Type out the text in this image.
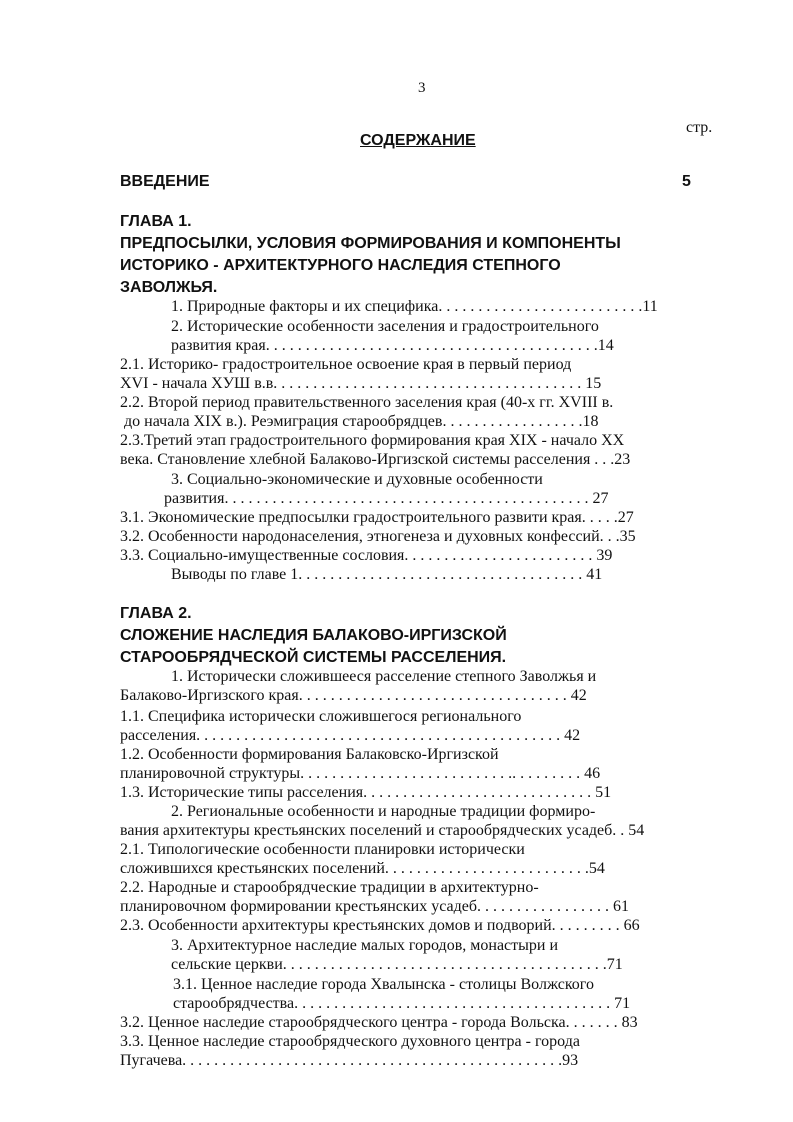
3
стр.
СОДЕРЖАНИЕ
ВВЕДЕНИЕ	5
ГЛАВА 1.
ПРЕДПОСЫЛКИ, УСЛОВИЯ ФОРМИРОВАНИЯ И КОМПОНЕНТЫ
ИСТОРИКО - АРХИТЕКТУРНОГО НАСЛЕДИЯ СТЕПНОГО
ЗАВОЛЖЬЯ.
1. Природные факторы и их специфика. . . . . . . . . . . . . . . . . . . . . . . . . .11
2. Исторические особенности заселения и градостроительного
развития края. . . . . . . . . . . . . . . . . . . . . . . . . . . . . . . . . . . . . . . . . .14
2.1. Историко- градостроительное освоение края в первый период
XVI - начала ХУШ в.в. . . . . . . . . . . . . . . . . . . . . . . . . . . . . . . . . . . . . . . 15
2.2. Второй период правительственного заселения края (40-х гг. XVIII в.
до начала XIX в.). Реэмиграция старообрядцев. . . . . . . . . . . . . . . . . .18
2.3.Третий этап градостроительного формирования края XIX - начало XX
века. Становление хлебной Балаково-Иргизской системы расселения . . .23
3. Социально-экономические и духовные особенности
развития. . . . . . . . . . . . . . . . . . . . . . . . . . . . . . . . . . . . . . . . . . . . . . 27
3.1. Экономические предпосылки градостроительного развити края. . . . .27
3.2. Особенности народонаселения, этногенеза и духовных конфессий. . .35
3.3. Социально-имущественные сословия. . . . . . . . . . . . . . . . . . . . . . . . 39
Выводы по главе 1. . . . . . . . . . . . . . . . . . . . . . . . . . . . . . . . . . . . 41
ГЛАВА 2.
СЛОЖЕНИЕ НАСЛЕДИЯ БАЛАКОВО-ИРГИЗСКОЙ
СТАРООБРЯДЧЕСКОЙ СИСТЕМЫ РАССЕЛЕНИЯ.
1. Исторически сложившееся расселение степного Заволжья и
Балаково-Иргизского края. . . . . . . . . . . . . . . . . . . . . . . . . . . . . . . . . . 42
1.1. Специфика исторически сложившегося регионального
расселения. . . . . . . . . . . . . . . . . . . . . . . . . . . . . . . . . . . . . . . . . . . . . . 42
1.2. Особенности формирования Балаковско-Иргизской
планировочной структуры. . . . . . . . . . . . . . . . . . . . . . . . . . .. . . . . . . . . 46
1.3. Исторические типы расселения. . . . . . . . . . . . . . . . . . . . . . . . . . . . . 51
2. Региональные особенности и народные традиции формиро-
вания архитектуры крестьянских поселений и старообрядческих усадеб. . 54
2.1. Типологические особенности планировки исторически
сложившихся крестьянских поселений. . . . . . . . . . . . . . . . . . . . . . . . . .54
2.2. Народные и старообрядческие традиции в архитектурно-
планировочном формировании крестьянских усадеб. . . . . . . . . . . . . . . . . 61
2.3. Особенности архитектуры крестьянских домов и подворий. . . . . . . . . 66
3. Архитектурное наследие малых городов, монастыри и
сельские церкви. . . . . . . . . . . . . . . . . . . . . . . . . . . . . . . . . . . . . . . . .71
3.1. Ценное наследие города Хвалынска - столицы Волжского
старообрядчества. . . . . . . . . . . . . . . . . . . . . . . . . . . . . . . . . . . . . . . . 71
3.2. Ценное наследие старообрядческого центра - города Вольска. . . . . . . 83
3.3. Ценное наследие старообрядческого духовного центра - города
Пугачева. . . . . . . . . . . . . . . . . . . . . . . . . . . . . . . . . . . . . . . . . . . . . . . .93
